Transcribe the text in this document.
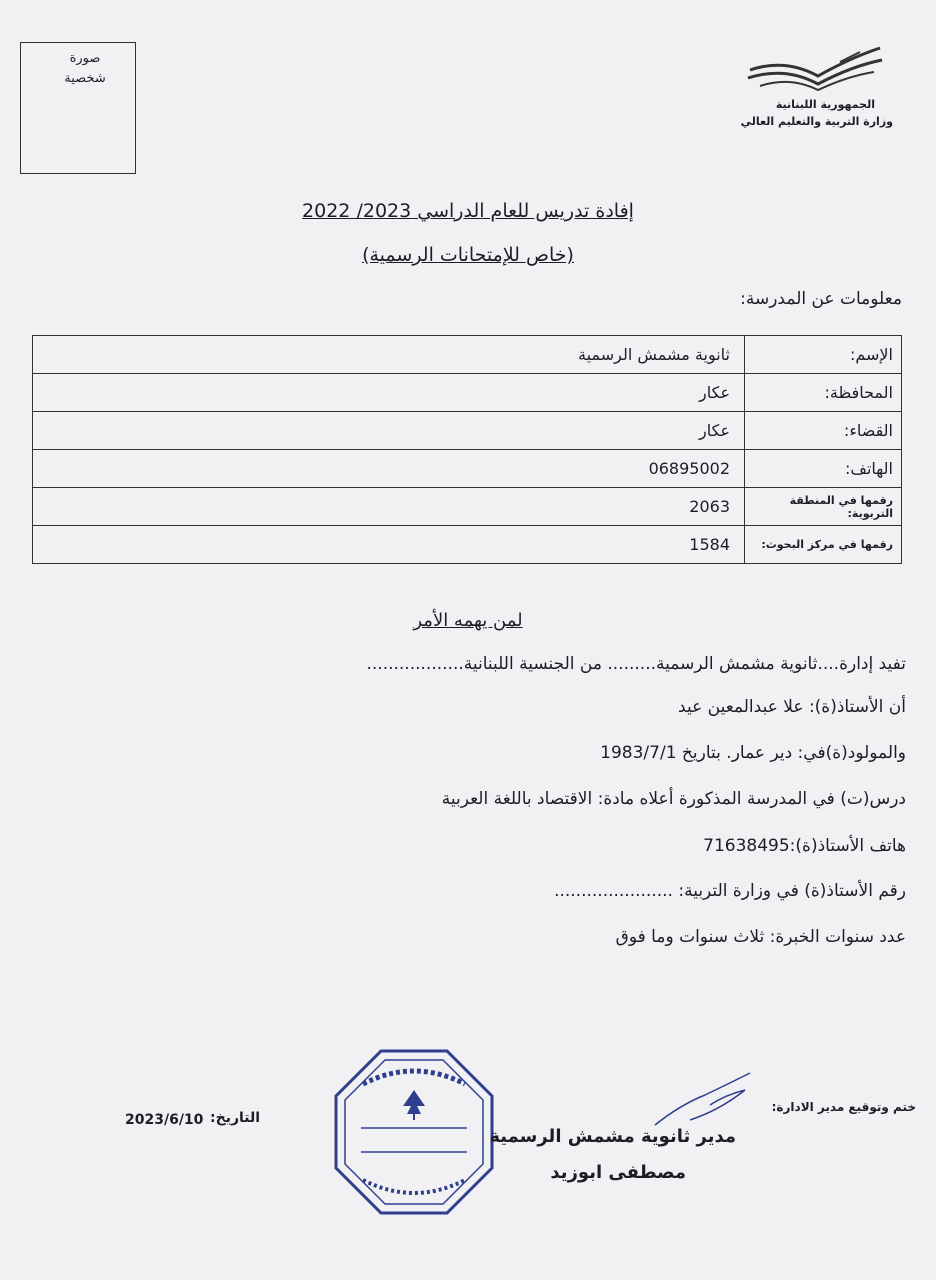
صورة
شخصية
الجمهورية اللبنانية
وزارة التربية والتعليم العالي
إفادة تدريس للعام الدراسي 2023/ 2022
(خاص للإمتحانات الرسمية)
معلومات عن المدرسة:
الإسم:	ثانوية مشمش الرسمية
المحافظة:	عكار
القضاء:	عكار
الهاتف:	06895002
رقمها في المنطقة التربوية:	2063
رقمها في مركز البحوث:	1584
لمن يهمه الأمر
تفيد إدارة....ثانوية مشمش الرسمية......... من الجنسية اللبنانية..................
أن الأستاذ(ة): علا عبدالمعين عيد
والمولود(ة)في: دير عمار. بتاريخ 1983/7/1
درس(ت) في المدرسة المذكورة أعلاه مادة: الاقتصاد باللغة العربية
هاتف الأستاذ(ة):71638495
رقم الأستاذ(ة) في وزارة التربية: ......................
عدد سنوات الخبرة: ثلاث سنوات وما فوق
ختم وتوقيع مدير الادارة:
التاريخ:
2023/6/10
مدير ثانوية مشمش الرسمية
مصطفى ابوزيد
